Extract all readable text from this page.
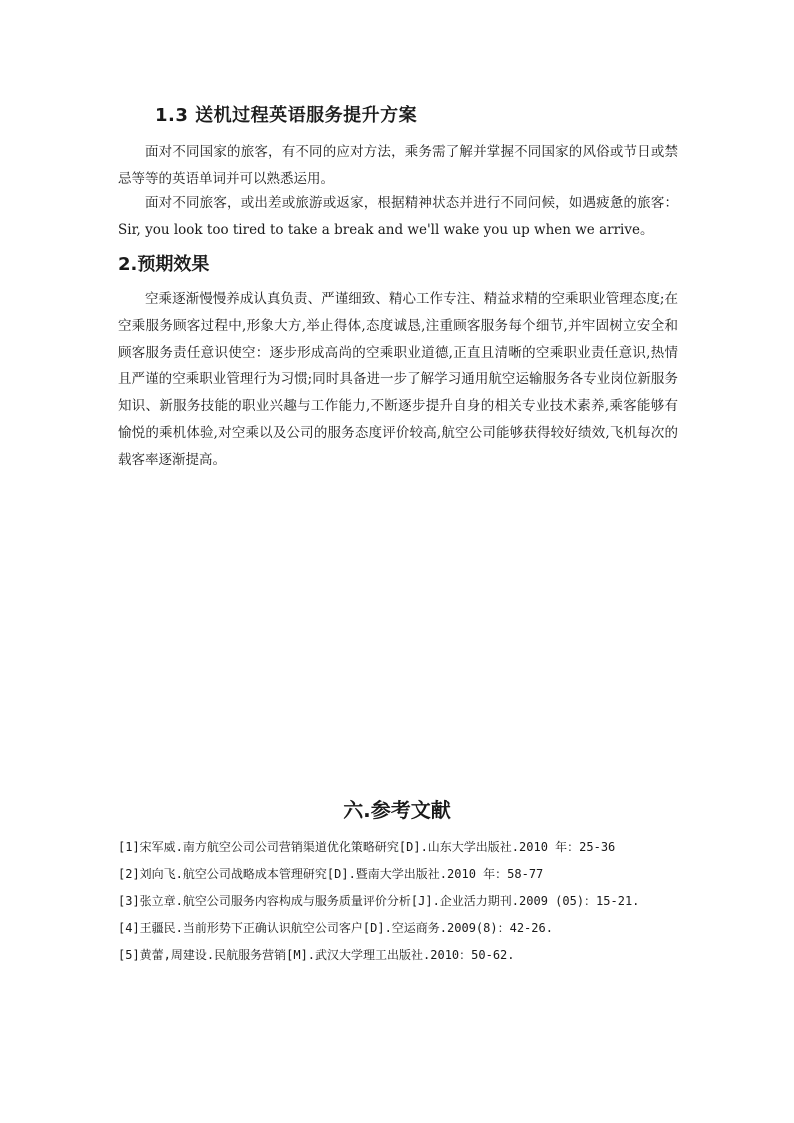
1.3 送机过程英语服务提升方案

面对不同国家的旅客，有不同的应对方法，乘务需了解并掌握不同国家的风俗或节日或禁忌等等的英语单词并可以熟悉运用。

面对不同旅客，或出差或旅游或返家，根据精神状态并进行不同问候，如遇疲惫的旅客：Sir, you look too tired to take a break and we'll wake you up when we arrive。

2.预期效果

空乘逐渐慢慢养成认真负责、严谨细致、精心工作专注、精益求精的空乘职业管理态度;在空乘服务顾客过程中,形象大方,举止得体,态度诚恳,注重顾客服务每个细节,并牢固树立安全和顾客服务责任意识使空：逐步形成高尚的空乘职业道德,正直且清晰的空乘职业责任意识,热情且严谨的空乘职业管理行为习惯;同时具备进一步了解学习通用航空运输服务各专业岗位新服务知识、新服务技能的职业兴趣与工作能力,不断逐步提升自身的相关专业技术素养,乘客能够有愉悦的乘机体验,对空乘以及公司的服务态度评价较高,航空公司能够获得较好绩效,飞机每次的载客率逐渐提高。

六.参考文献
[1]宋军威.南方航空公司公司营销渠道优化策略研究[D].山东大学出版社.2010 年：25-36
[2]刘向飞.航空公司战略成本管理研究[D].暨南大学出版社.2010 年：58-77
[3]张立章.航空公司服务内容构成与服务质量评价分析[J].企业活力期刊.2009 (05)：15-21.
[4]王疆民.当前形势下正确认识航空公司客户[D].空运商务.2009(8)：42-26.
[5]黄蕾,周建设.民航服务营销[M].武汉大学理工出版社.2010：50-62.
